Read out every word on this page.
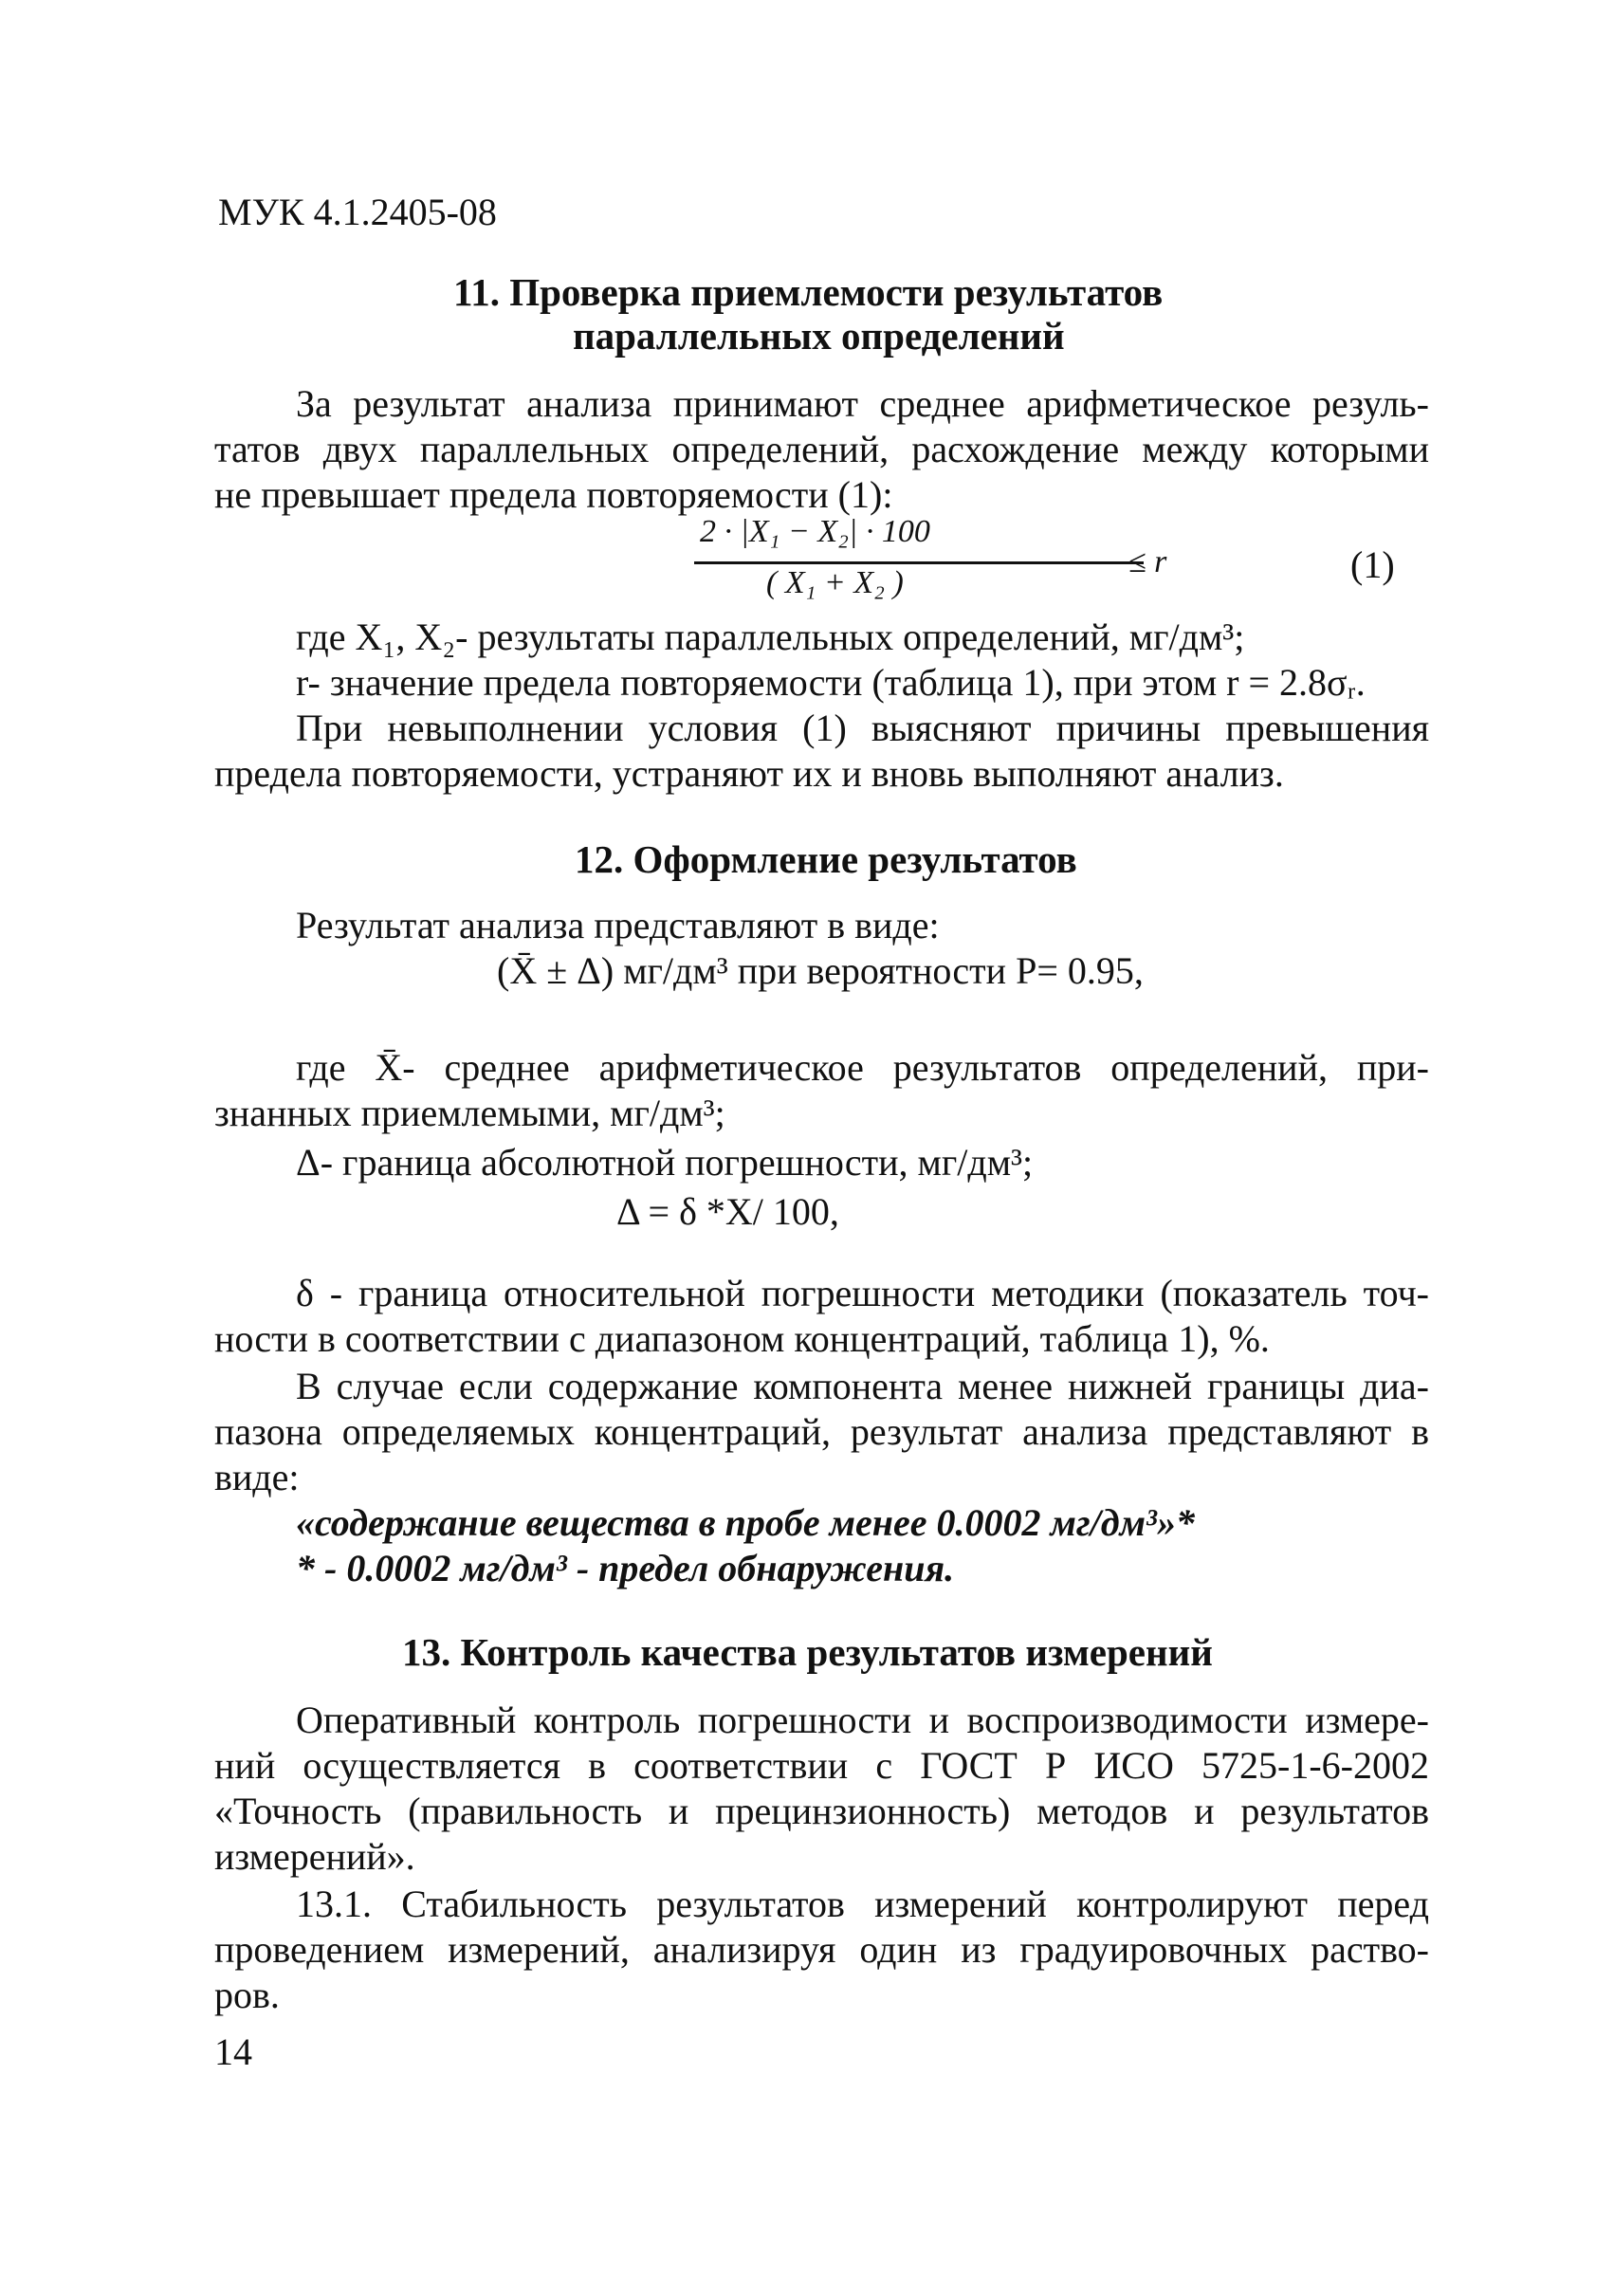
МУК 4.1.2405-08
11. Проверка приемлемости результатов
параллельных определений
За результат анализа принимают среднее арифметическое резуль-
татов двух параллельных определений, расхождение между которыми
не превышает предела повторяемости (1):
2 · |X₁ − X₂| · 100
( X₁ + X₂ )
≤ r	(1)
где X₁, X₂- результаты параллельных определений, мг/дм³;
r- значение предела повторяемости (таблица 1), при этом r = 2.8σᵣ.
При невыполнении условия (1) выясняют причины превышения
предела повторяемости, устраняют их и вновь выполняют анализ.
12. Оформление результатов
Результат анализа представляют в виде:
(X̄ ± Δ) мг/дм³ при вероятности Р= 0.95,
где X̄- среднее арифметическое результатов определений, при-
знанных приемлемыми, мг/дм³;
Δ- граница абсолютной погрешности, мг/дм³;
Δ = δ *X/ 100,
δ - граница относительной погрешности методики (показатель точ-
ности в соответствии с диапазоном концентраций, таблица 1), %.
В случае если содержание компонента менее нижней границы диа-
пазона определяемых концентраций, результат анализа представляют в
виде:
«содержание вещества в пробе менее 0.0002 мг/дм³»*
* - 0.0002 мг/дм³ - предел обнаружения.
13. Контроль качества результатов измерений
Оперативный контроль погрешности и воспроизводимости измере-
ний осуществляется в соответствии с ГОСТ Р ИСО 5725-1-6-2002
«Точность (правильность и прецинзионность) методов и результатов
измерений».
13.1. Стабильность результатов измерений контролируют перед
проведением измерений, анализируя один из градуировочных раство-
ров.
14
